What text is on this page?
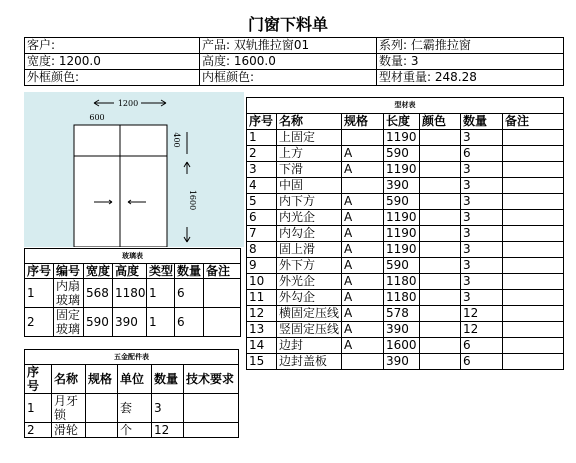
门窗下料单
客户:	产品: 双轨推拉窗01	系列: 仁霸推拉窗
宽度: 1200.0	高度: 1600.0	数量: 3
外框颜色:	内框颜色:	型材重量: 248.28
1200
600
400
1600
玻璃表						
序号	编号	宽度	高度	类型	数量	备注
1	内扇玻璃	568	1180	1	6	
2	固定玻璃	590	390	1	6	
五金配件表					
序号	名称	规格	单位	数量	技术要求
1	月牙锁		套	3	
2	滑轮		个	12	
型材表						
序号	名称	规格	长度	颜色	数量	备注
1	上固定		1190		3	
2	上方	A	590		6	
3	下滑	A	1190		3	
4	中固		390		3	
5	内下方	A	590		3	
6	内光企	A	1190		3	
7	内勾企	A	1190		3	
8	固上滑	A	1190		3	
9	外下方	A	590		3	
10	外光企	A	1180		3	
11	外勾企	A	1180		3	
12	横固定压线	A	578		12	
13	竖固定压线	A	390		12	
14	边封	A	1600		6	
15	边封盖板		390		6	
